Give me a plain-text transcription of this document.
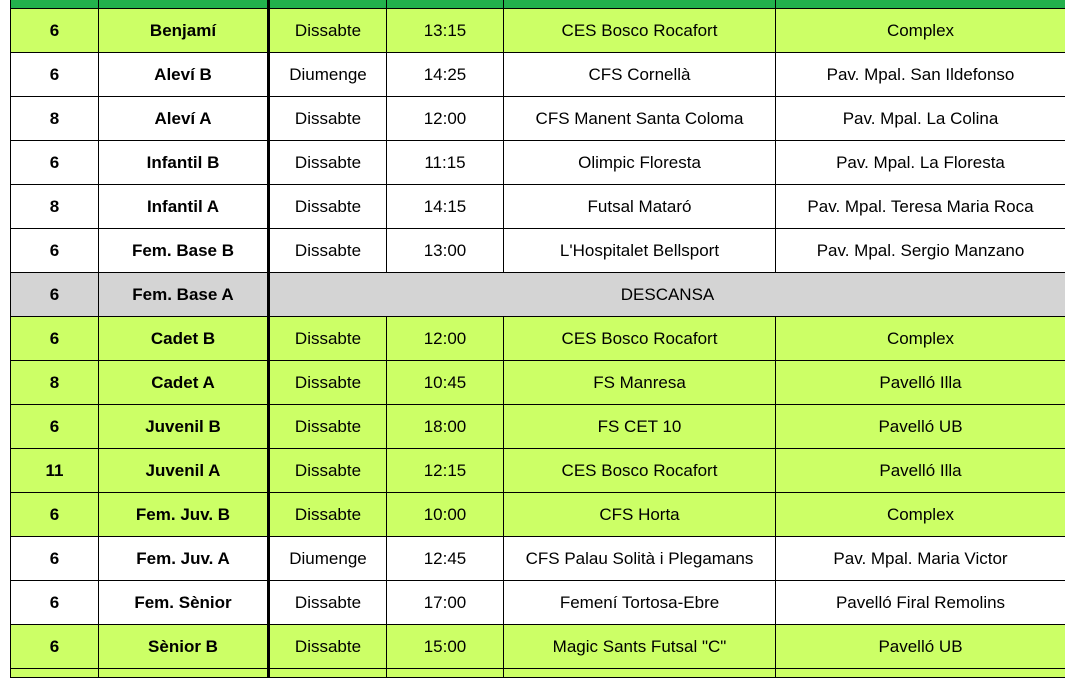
6	Benjamí	Dissabte	13:15	CES Bosco Rocafort	Complex
6	Aleví B	Diumenge	14:25	CFS Cornellà	Pav. Mpal. San Ildefonso
8	Aleví A	Dissabte	12:00	CFS Manent Santa Coloma	Pav. Mpal. La Colina
6	Infantil B	Dissabte	11:15	Olimpic Floresta	Pav. Mpal. La Floresta
8	Infantil A	Dissabte	14:15	Futsal Mataró	Pav. Mpal. Teresa Maria Roca
6	Fem. Base B	Dissabte	13:00	L'Hospitalet Bellsport	Pav. Mpal. Sergio Manzano
6	Fem. Base A	DESCANSA			
6	Cadet B	Dissabte	12:00	CES Bosco Rocafort	Complex
8	Cadet A	Dissabte	10:45	FS Manresa	Pavelló Illa
6	Juvenil B	Dissabte	18:00	FS CET 10	Pavelló UB
11	Juvenil A	Dissabte	12:15	CES Bosco Rocafort	Pavelló Illa
6	Fem. Juv. B	Dissabte	10:00	CFS Horta	Complex
6	Fem. Juv. A	Diumenge	12:45	CFS Palau Solità i Plegamans	Pav. Mpal. Maria Victor
6	Fem. Sènior	Dissabte	17:00	Femení Tortosa-Ebre	Pavelló Firal Remolins
6	Sènior B	Dissabte	15:00	Magic Sants Futsal "C"	Pavelló UB
